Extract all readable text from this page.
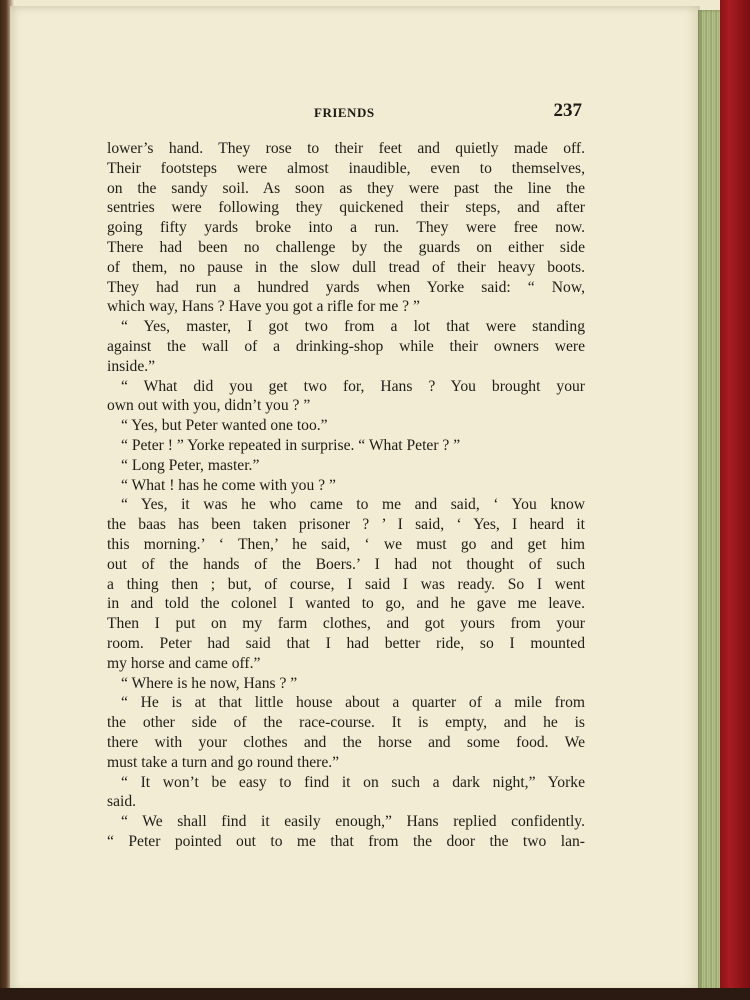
FRIENDS	237
lower’s hand. They rose to their feet and quietly made off.
Their footsteps were almost inaudible, even to themselves,
on the sandy soil. As soon as they were past the line the
sentries were following they quickened their steps, and after
going fifty yards broke into a run. They were free now.
There had been no challenge by the guards on either side
of them, no pause in the slow dull tread of their heavy boots.
They had run a hundred yards when Yorke said: “ Now,
which way, Hans ? Have you got a rifle for me ? ”
“ Yes, master, I got two from a lot that were standing
against the wall of a drinking-shop while their owners were
inside.”
“ What did you get two for, Hans ? You brought your
own out with you, didn’t you ? ”
“ Yes, but Peter wanted one too.”
“ Peter ! ” Yorke repeated in surprise. “ What Peter ? ”
“ Long Peter, master.”
“ What ! has he come with you ? ”
“ Yes, it was he who came to me and said, ‘ You know
the baas has been taken prisoner ? ’ I said, ‘ Yes, I heard it
this morning.’ ‘ Then,’ he said, ‘ we must go and get him
out of the hands of the Boers.’ I had not thought of such
a thing then ; but, of course, I said I was ready. So I went
in and told the colonel I wanted to go, and he gave me leave.
Then I put on my farm clothes, and got yours from your
room. Peter had said that I had better ride, so I mounted
my horse and came off.”
“ Where is he now, Hans ? ”
“ He is at that little house about a quarter of a mile from
the other side of the race-course. It is empty, and he is
there with your clothes and the horse and some food. We
must take a turn and go round there.”
“ It won’t be easy to find it on such a dark night,” Yorke
said.
“ We shall find it easily enough,” Hans replied confidently.
“ Peter pointed out to me that from the door the two lan-
